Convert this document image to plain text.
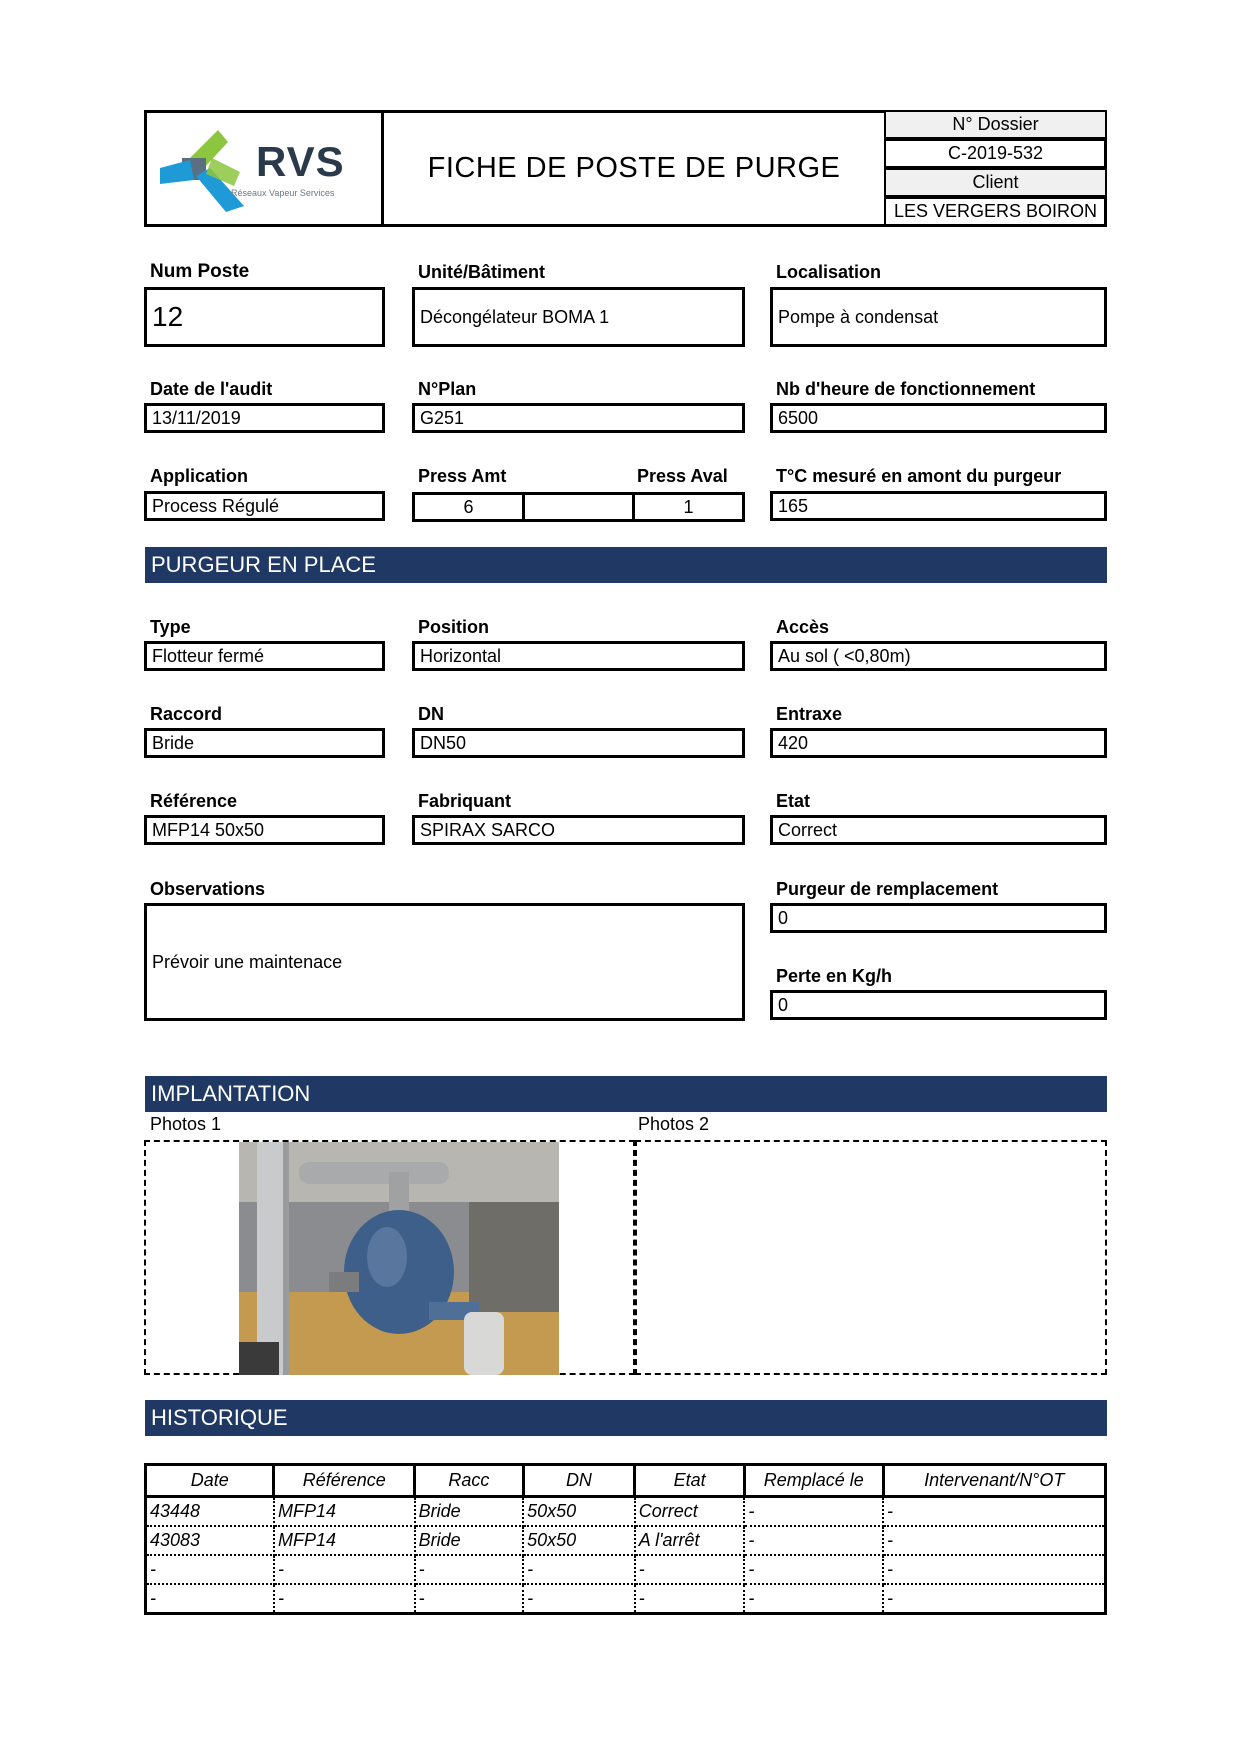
RVS
Réseaux Vapeur Services
FICHE DE POSTE DE PURGE
N° Dossier
C-2019-532
Client
LES VERGERS BOIRON
Num Poste
12
Unité/Bâtiment
Décongélateur BOMA 1
Localisation
Pompe à condensat
Date de l'audit
13/11/2019
N°Plan
G251
Nb d'heure de fonctionnement
6500
Application
Process Régulé
Press Amt	Press Aval
6	1
T°C mesuré en amont du purgeur
165
PURGEUR EN PLACE
Type
Flotteur fermé
Position
Horizontal
Accès
Au sol ( <0,80m)
Raccord
Bride
DN
DN50
Entraxe
420
Référence
MFP14 50x50
Fabriquant
SPIRAX SARCO
Etat
Correct
Observations
Prévoir une maintenace
Purgeur de remplacement
0
Perte en Kg/h
0
IMPLANTATION
Photos 1	Photos 2
HISTORIQUE
Date	Référence	Racc	DN	Etat	Remplacé le	Intervenant/N°OT
43448	MFP14	Bride	50x50	Correct	-	-
43083	MFP14	Bride	50x50	A l'arrêt	-	-
-	-	-	-	-	-	-
-	-	-	-	-	-	-
